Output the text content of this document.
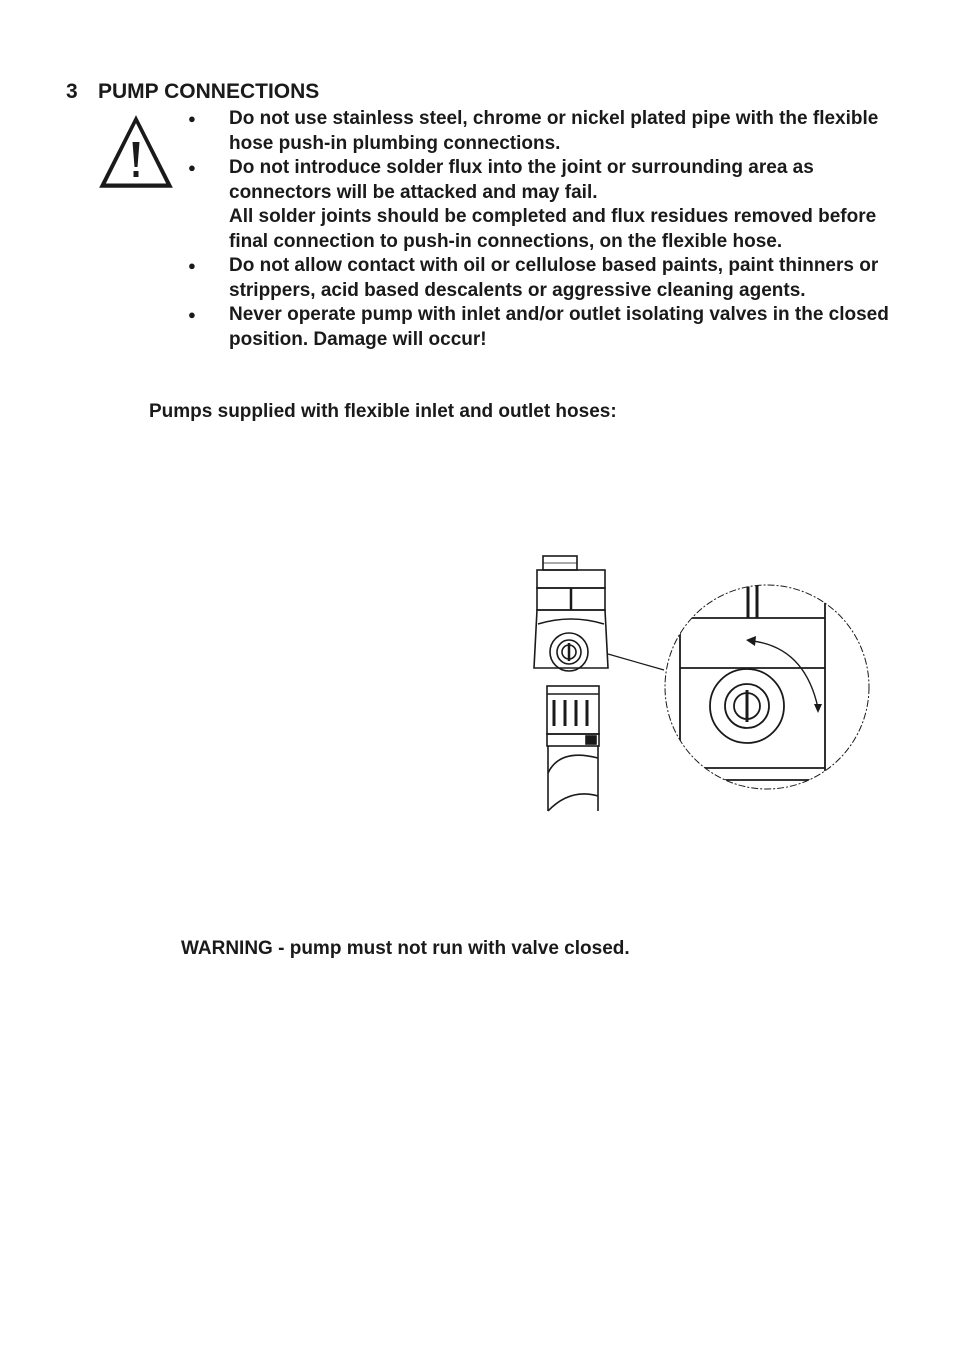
3 PUMP CONNECTIONS
● Do not use stainless steel, chrome or nickel plated pipe with the flexible hose push-in plumbing connections.
● Do not introduce solder flux into the joint or surrounding area as connectors will be attacked and may fail.
All solder joints should be completed and flux residues removed before final connection to push-in connections, on the flexible hose.
● Do not allow contact with oil or cellulose based paints, paint thinners or strippers, acid based descalents or aggressive cleaning agents.
● Never operate pump with inlet and/or outlet isolating valves in the closed position. Damage will occur!

Pumps supplied with flexible inlet and outlet hoses:

WARNING - pump must not run with valve closed.
